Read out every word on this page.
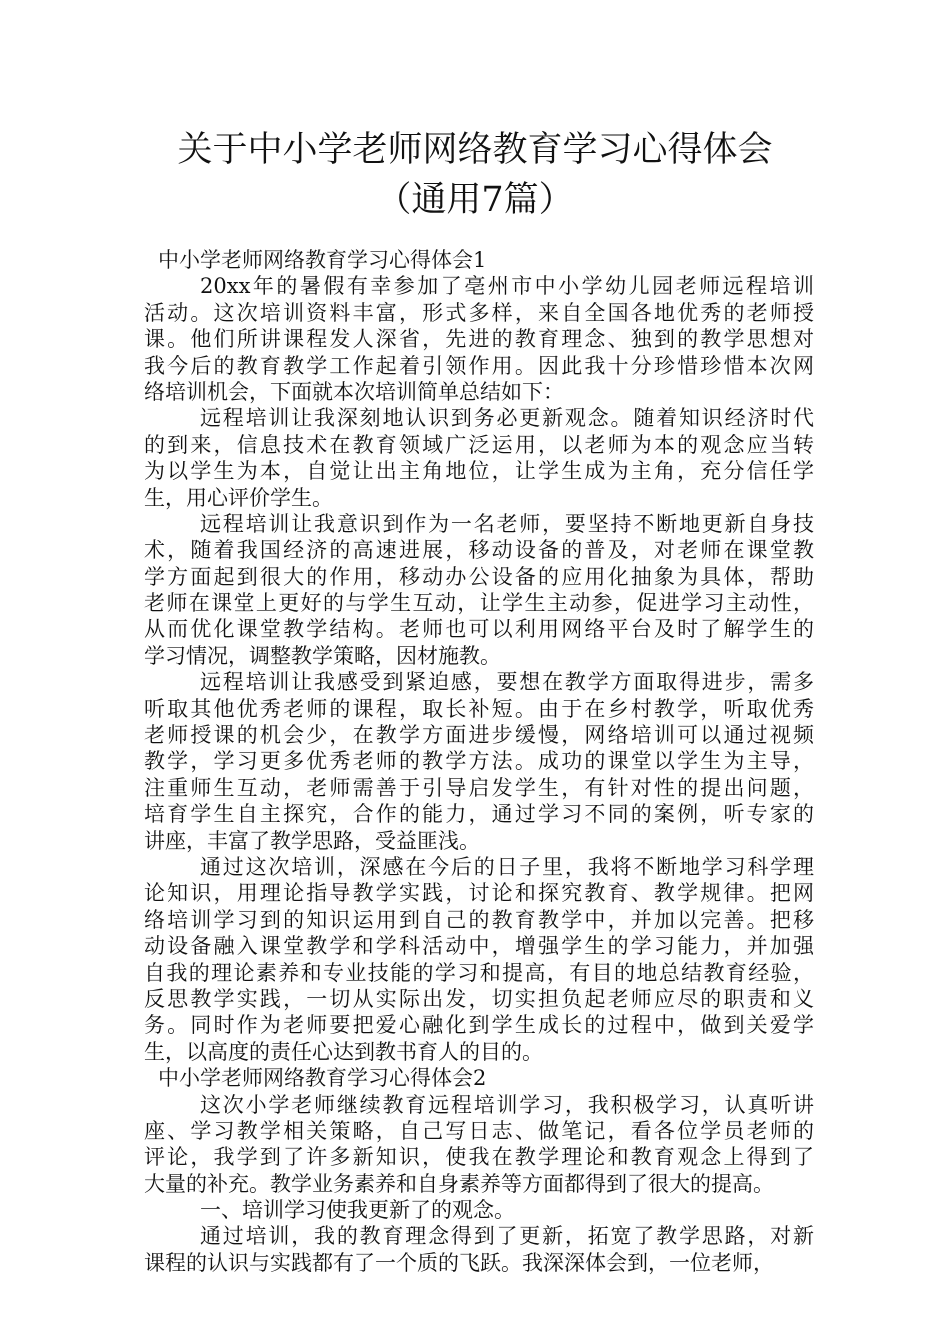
关于中小学老师网络教育学习心得体会
（通用7篇）
中小学老师网络教育学习心得体会1
20xx年的暑假有幸参加了亳州市中小学幼儿园老师远程培训
活动。这次培训资料丰富，形式多样，来自全国各地优秀的老师授
课。他们所讲课程发人深省，先进的教育理念、独到的教学思想对
我今后的教育教学工作起着引领作用。因此我十分珍惜珍惜本次网
络培训机会，下面就本次培训简单总结如下：
远程培训让我深刻地认识到务必更新观念。随着知识经济时代
的到来，信息技术在教育领域广泛运用，以老师为本的观念应当转
为以学生为本，自觉让出主角地位，让学生成为主角，充分信任学
生，用心评价学生。
远程培训让我意识到作为一名老师，要坚持不断地更新自身技
术，随着我国经济的高速进展，移动设备的普及，对老师在课堂教
学方面起到很大的作用，移动办公设备的应用化抽象为具体，帮助
老师在课堂上更好的与学生互动，让学生主动参，促进学习主动性，
从而优化课堂教学结构。老师也可以利用网络平台及时了解学生的
学习情况，调整教学策略，因材施教。
远程培训让我感受到紧迫感，要想在教学方面取得进步，需多
听取其他优秀老师的课程，取长补短。由于在乡村教学，听取优秀
老师授课的机会少，在教学方面进步缓慢，网络培训可以通过视频
教学，学习更多优秀老师的教学方法。成功的课堂以学生为主导，
注重师生互动，老师需善于引导启发学生，有针对性的提出问题，
培育学生自主探究，合作的能力，通过学习不同的案例，听专家的
讲座，丰富了教学思路，受益匪浅。
通过这次培训，深感在今后的日子里，我将不断地学习科学理
论知识，用理论指导教学实践，讨论和探究教育、教学规律。把网
络培训学习到的知识运用到自己的教育教学中，并加以完善。把移
动设备融入课堂教学和学科活动中，增强学生的学习能力，并加强
自我的理论素养和专业技能的学习和提高，有目的地总结教育经验，
反思教学实践，一切从实际出发，切实担负起老师应尽的职责和义
务。同时作为老师要把爱心融化到学生成长的过程中，做到关爱学
生，以高度的责任心达到教书育人的目的。
中小学老师网络教育学习心得体会2
这次小学老师继续教育远程培训学习，我积极学习，认真听讲
座、学习教学相关策略，自己写日志、做笔记，看各位学员老师的
评论，我学到了许多新知识，使我在教学理论和教育观念上得到了
大量的补充。教学业务素养和自身素养等方面都得到了很大的提高。
一、培训学习使我更新了的观念。
通过培训，我的教育理念得到了更新，拓宽了教学思路，对新
课程的认识与实践都有了一个质的飞跃。我深深体会到，一位老师，
